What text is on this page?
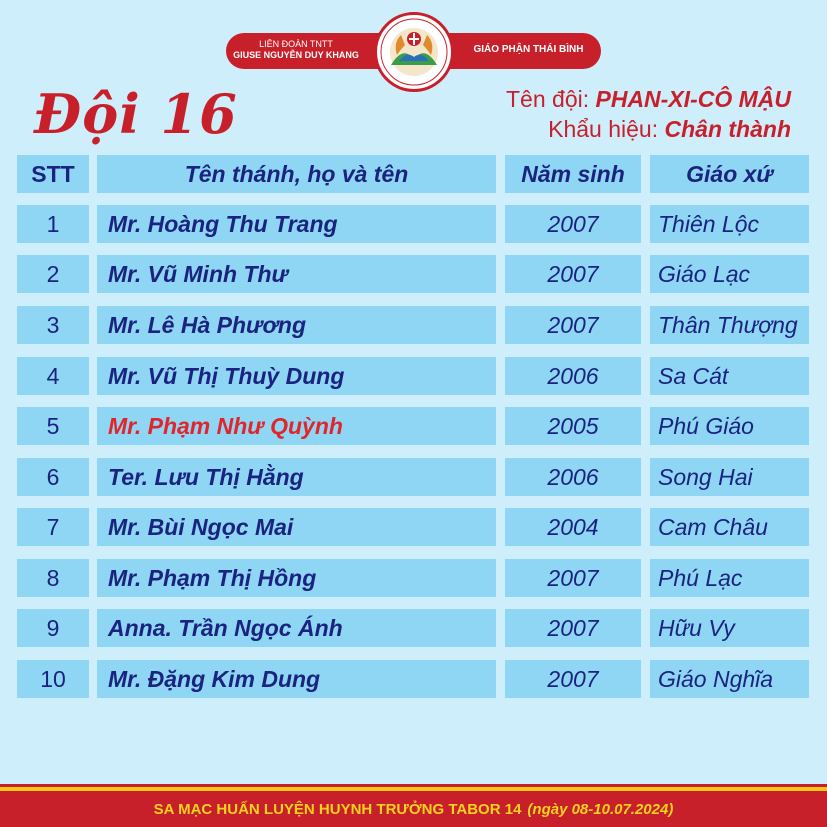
LIÊN ĐOÀN TNTT
GIUSE NGUYỄN DUY KHANG	GIÁO PHẬN THÁI BÌNH
Đội 16	Tên đội: PHAN-XI-CÔ MẬU
Khẩu hiệu: Chân thành
STT	Tên thánh, họ và tên	Năm sinh	Giáo xứ
1	Mr. Hoàng Thu Trang	2007	Thiên Lộc
2	Mr. Vũ Minh Thư	2007	Giáo Lạc
3	Mr. Lê Hà Phương	2007	Thân Thượng
4	Mr. Vũ Thị Thuỳ Dung	2006	Sa Cát
5	Mr. Phạm Như Quỳnh	2005	Phú Giáo
6	Ter. Lưu Thị Hằng	2006	Song Hai
7	Mr. Bùi Ngọc Mai	2004	Cam Châu
8	Mr. Phạm Thị Hồng	2007	Phú Lạc
9	Anna. Trần Ngọc Ánh	2007	Hữu Vy
10	Mr. Đặng Kim Dung	2007	Giáo Nghĩa
SA MẠC HUẤN LUYỆN HUYNH TRƯỞNG TABOR 14 (ngày 08-10.07.2024)
